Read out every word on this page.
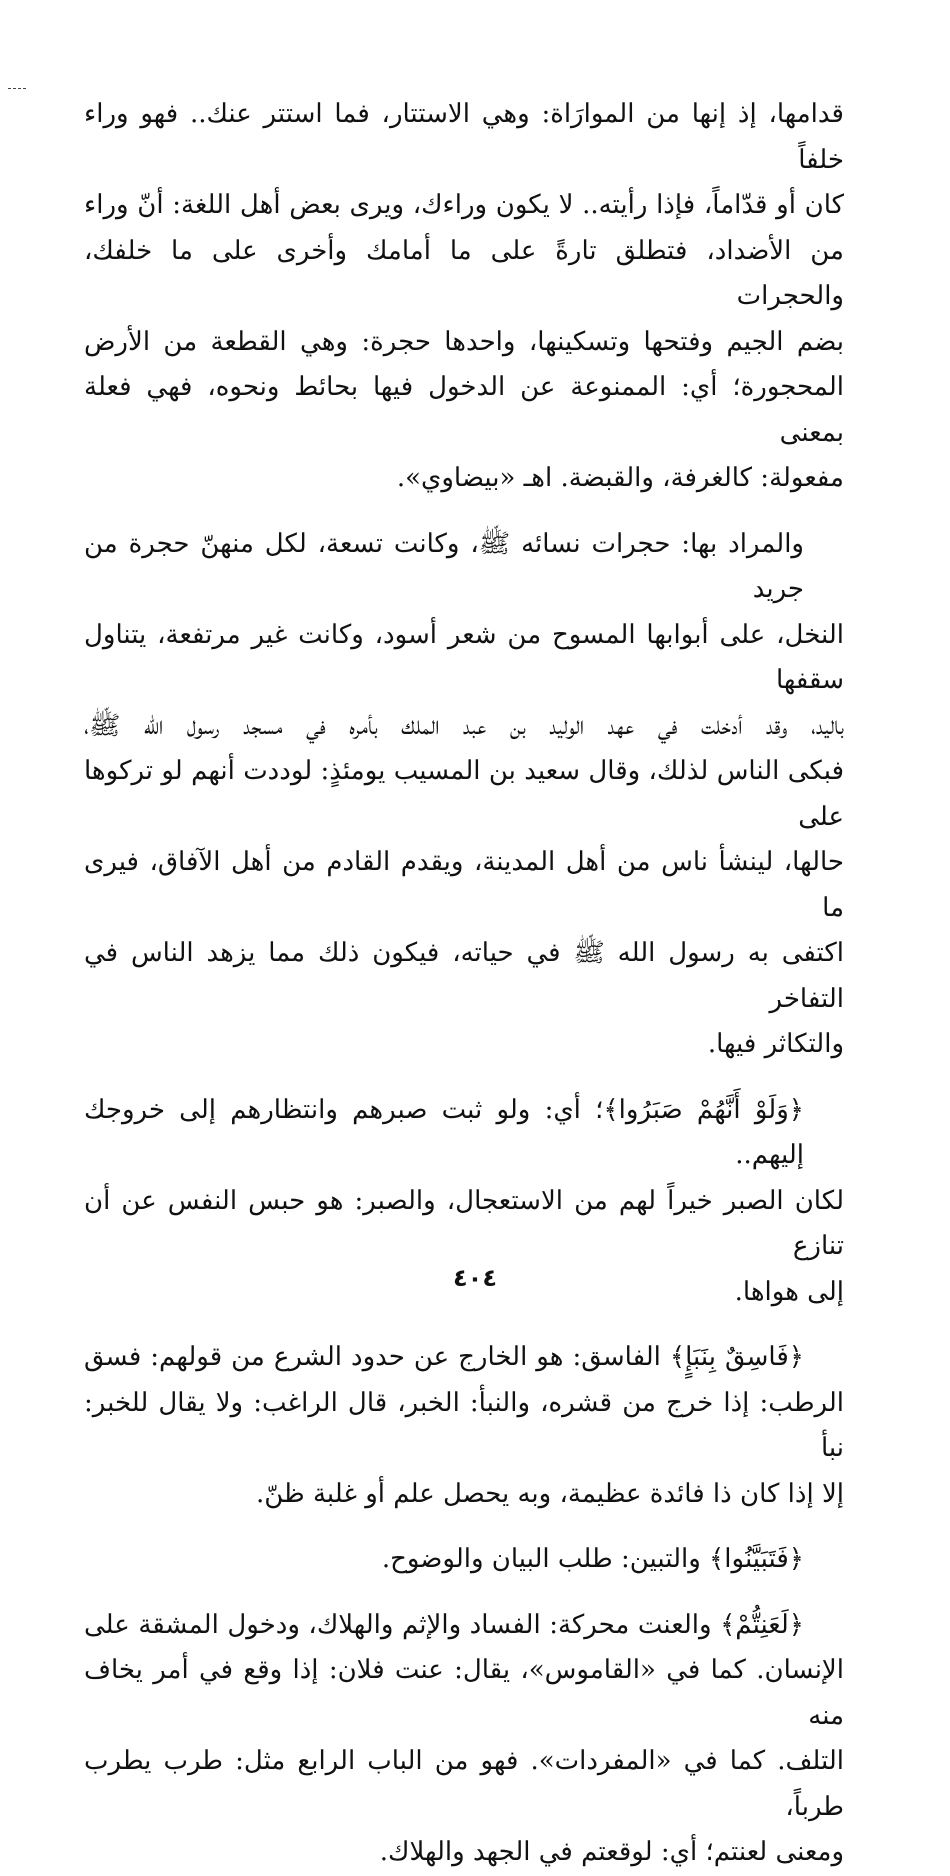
قدامها، إذ إنها من الموارَاة: وهي الاستتار، فما استتر عنك.. فهو وراء خلفاً
كان أو قدّاماً، فإذا رأيته.. لا يكون وراءك، ويرى بعض أهل اللغة: أنّ وراء
من الأضداد، فتطلق تارةً على ما أمامك وأخرى على ما خلفك، والحجرات
بضم الجيم وفتحها وتسكينها، واحدها حجرة: وهي القطعة من الأرض
المحجورة؛ أي: الممنوعة عن الدخول فيها بحائط ونحوه، فهي فعلة بمعنى
مفعولة: كالغرفة، والقبضة. اهـ «بيضاوي».

والمراد بها: حجرات نسائه ﷺ، وكانت تسعة، لكل منهنّ حجرة من جريد
النخل، على أبوابها المسوح من شعر أسود، وكانت غير مرتفعة، يتناول سقفها
باليد، وقد أدخلت في عهد الوليد بن عبد الملك بأمره في مسجد رسول الله ﷺ،
فبكى الناس لذلك، وقال سعيد بن المسيب يومئذٍ: لوددت أنهم لو تركوها على
حالها، لينشأ ناس من أهل المدينة، ويقدم القادم من أهل الآفاق، فيرى ما
اكتفى به رسول الله ﷺ في حياته، فيكون ذلك مما يزهد الناس في التفاخر
والتكاثر فيها.

﴿وَلَوْ أَنَّهُمْ صَبَرُوا﴾؛ أي: ولو ثبت صبرهم وانتظارهم إلى خروجك إليهم..
لكان الصبر خيراً لهم من الاستعجال، والصبر: هو حبس النفس عن أن تنازع
إلى هواها.

﴿فَاسِقٌ بِنَبَإٍ﴾ الفاسق: هو الخارج عن حدود الشرع من قولهم: فسق
الرطب: إذا خرج من قشره، والنبأ: الخبر، قال الراغب: ولا يقال للخبر: نبأ
إلا إذا كان ذا فائدة عظيمة، وبه يحصل علم أو غلبة ظنّ.

﴿فَتَبَيَّنُوا﴾ والتبين: طلب البيان والوضوح.

﴿لَعَنِتُّمْ﴾ والعنت محركة: الفساد والإثم والهلاك، ودخول المشقة على
الإنسان. كما في «القاموس»، يقال: عنت فلان: إذا وقع في أمر يخاف منه
التلف. كما في «المفردات». فهو من الباب الرابع مثل: طرب يطرب طرباً،
ومعنى لعنتم؛ أي: لوقعتم في الجهد والهلاك.

٤٠٤
